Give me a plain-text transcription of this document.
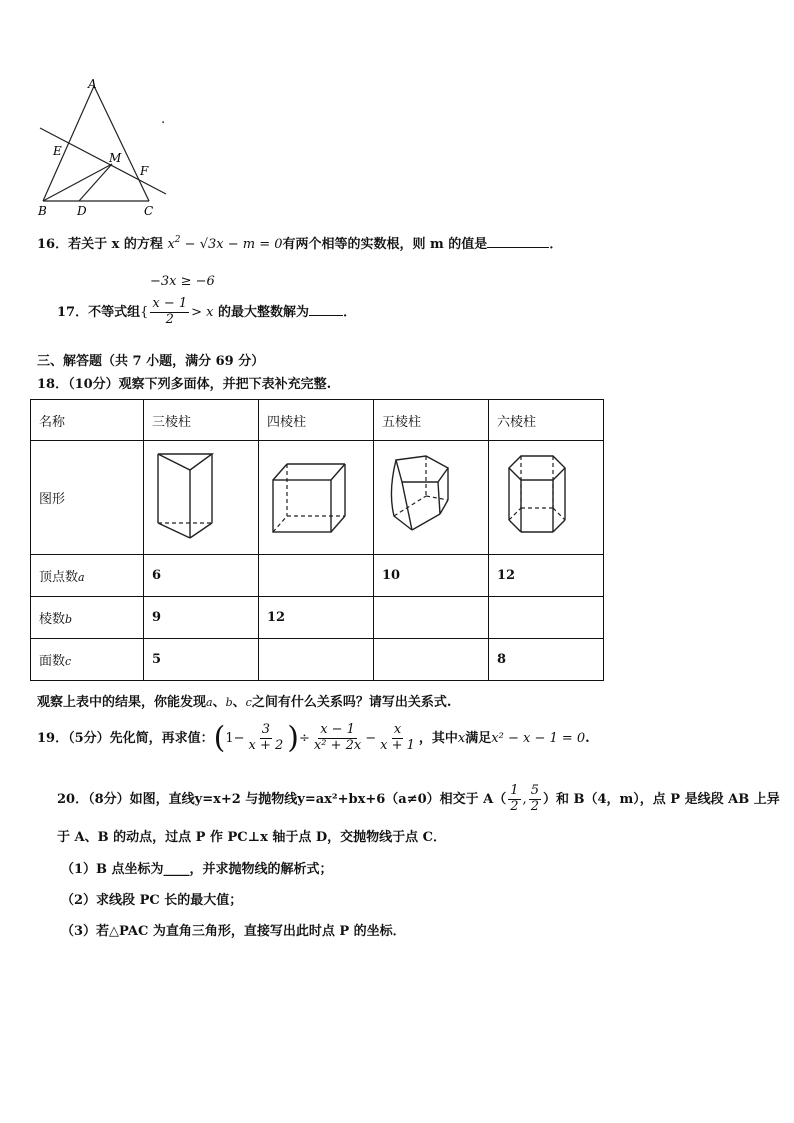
A
E	M
F
B	D	C
.
16．若关于 x 的方程 $x^2 - √3x - m = 0$有两个相等的实数根，则 m 的值是	．
−3x ≥ −6
17．不等式组{ $\frac{x - 1}{2} > x$ 的最大整数解为	．
三、解答题（共 7 小题，满分 69 分）
18．（10分）观察下列多面体，并把下表补充完整.
名称	三棱柱	四棱柱	五棱柱	六棱柱
图形				
顶点数a	6		10	12
棱数b	9	12		
面数c	5			8
观察上表中的结果，你能发现a、b、c之间有什么关系吗？请写出关系式.
19．（5分）先化简，再求值：($1- \frac{3}{x + 2}$ )÷ $\frac{x - 1}{\text{x² + 2x}} - \frac{x}{x + 1}$ ，其中x满足x² − x − 1 = 0.
20．（8分）如图，直线y=x+2 与抛物线y=ax²+bx+6（a≠0）相交于 $A( \frac{1}{2}$ , $\frac{5}{2}$ ）和 B（4，m），点 P 是线段 AB 上异
于 A、B 的动点，过点 P 作 PC⊥x 轴于点 D，交抛物线于点 C．
（1）B 点坐标为____，并求抛物线的解析式；
（2）求线段 PC 长的最大值；
（3）若△PAC 为直角三角形，直接写出此时点 P 的坐标．
